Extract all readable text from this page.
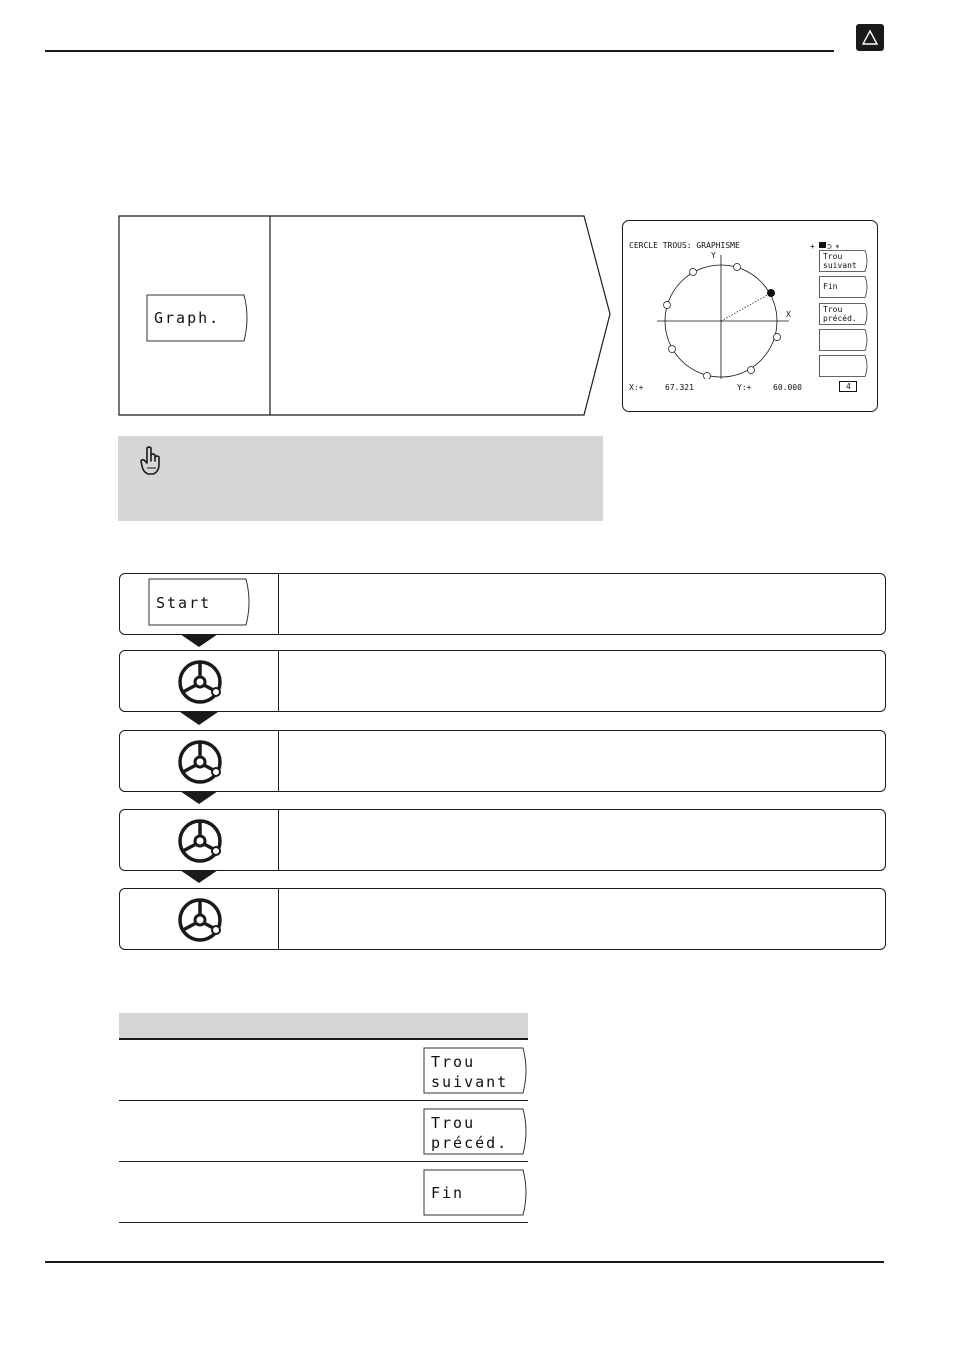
Graph.
CERCLE TROUS: GRAPHISME	+ ⊃ ∗
Y
X
X:+	67.321	Y:+	60.000	4
Trou
suivant
Fin
Trou
précéd.
Start
Trou
suivant
Trou
précéd.
Fin
